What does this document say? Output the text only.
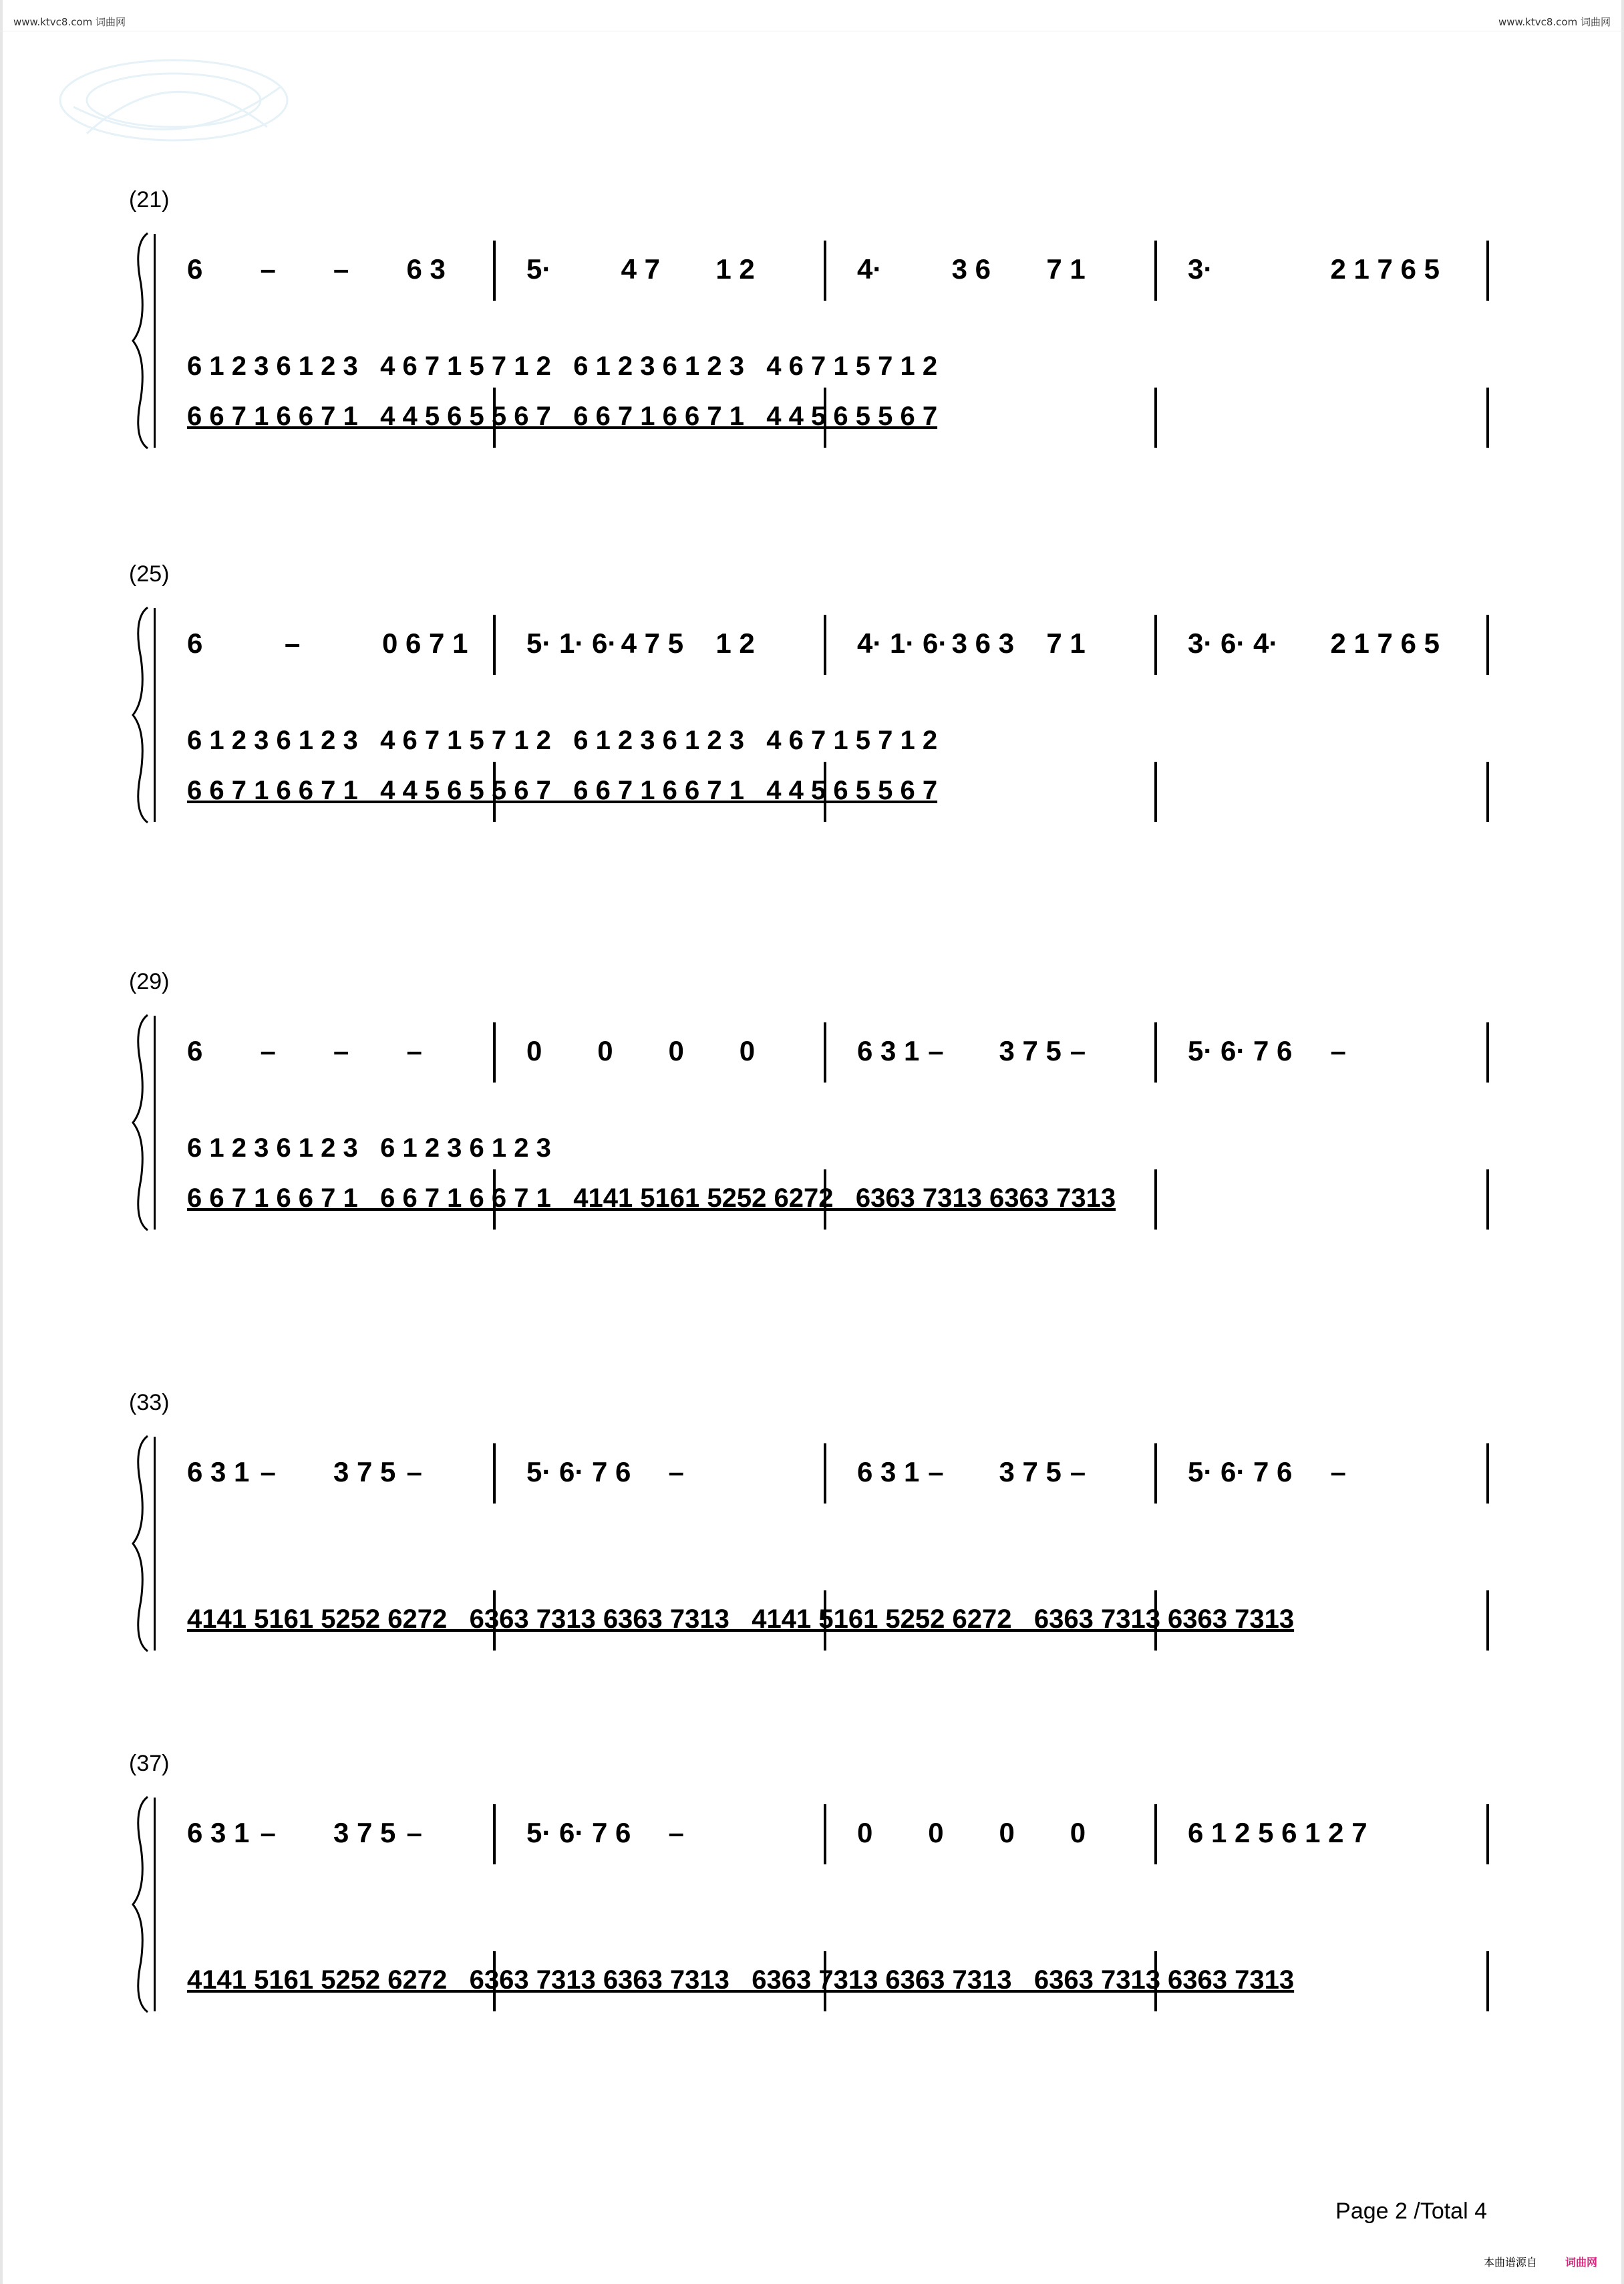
www.ktvc8.com 词曲网	www.ktvc8.com 词曲网
(21)
6	–	–	6 3	5·	4 7	1 2	4·	3 6	7 1	3·	2 1 7 6 5
6 1 2 3 6 1 2 3   4 6 7 1 5 7 1 2   6 1 2 3 6 1 2 3   4 6 7 1 5 7 1 2
6 6 7 1 6 6 7 1   4 4 5 6 5 5 6 7   6 6 7 1 6 6 7 1   4 4 5 6 5 5 6 7
(25)
6	–	0 6 7 1	5· 1· 6· 4 7 5	1 2	4· 1· 6· 3 6 3	7 1	3· 6· 4·	2 1 7 6 5
6 1 2 3 6 1 2 3   4 6 7 1 5 7 1 2   6 1 2 3 6 1 2 3   4 6 7 1 5 7 1 2
6 6 7 1 6 6 7 1   4 4 5 6 5 5 6 7   6 6 7 1 6 6 7 1   4 4 5 6 5 5 6 7
(29)
6	–	–	–	0	0	0	0	6 3 1 –	3 7 5 –	5· 6· 7 6	–
6 1 2 3 6 1 2 3   6 1 2 3 6 1 2 3
6 6 7 1 6 6 7 1   6 6 7 1 6 6 7 1   4141 5161 5252 6272   6363 7313 6363 7313
(33)
6 3 1 –	3 7 5 –	5· 6· 7 6	–	6 3 1 –	3 7 5 –	5· 6· 7 6	–
4141 5161 5252 6272   6363 7313 6363 7313   4141 5161 5252 6272   6363 7313 6363 7313
(37)
6 3 1 –	3 7 5 –	5· 6· 7 6	–	0	0	0	0	6 1 2 5 6 1 2 7
4141 5161 5252 6272   6363 7313 6363 7313   6363 7313 6363 7313   6363 7313 6363 7313
Page 2 /Total 4
本曲谱源自	词曲网
